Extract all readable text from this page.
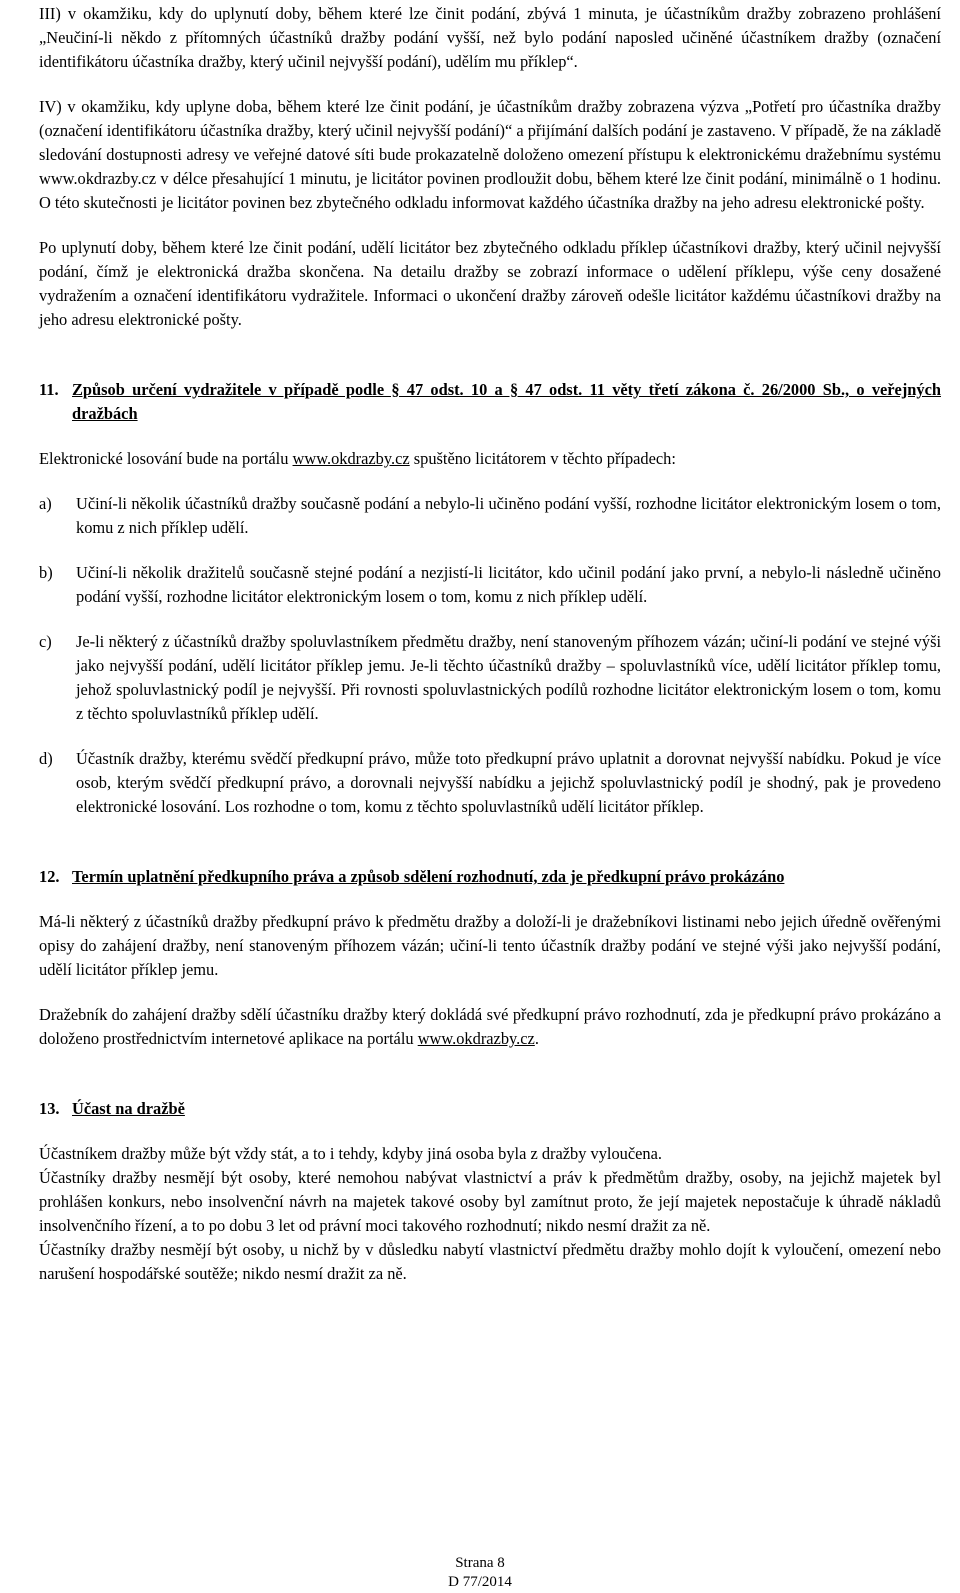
III) v okamžiku, kdy do uplynutí doby, během které lze činit podání, zbývá 1 minuta, je účastníkům dražby zobrazeno prohlášení „Neučiní-li někdo z přítomných účastníků dražby podání vyšší, než bylo podání naposled učiněné účastníkem dražby (označení identifikátoru účastníka dražby, který učinil nejvyšší podání), udělím mu příklep“.

IV) v okamžiku, kdy uplyne doba, během které lze činit podání, je účastníkům dražby zobrazena výzva „Potřetí pro účastníka dražby (označení identifikátoru účastníka dražby, který učinil nejvyšší podání)“ a přijímání dalších podání je zastaveno. V případě, že na základě sledování dostupnosti adresy ve veřejné datové síti bude prokazatelně doloženo omezení přístupu k elektronickému dražebnímu systému www.okdrazby.cz v délce přesahující 1 minutu, je licitátor povinen prodloužit dobu, během které lze činit podání, minimálně o 1 hodinu. O této skutečnosti je licitátor povinen bez zbytečného odkladu informovat každého účastníka dražby na jeho adresu elektronické pošty.

Po uplynutí doby, během které lze činit podání, udělí licitátor bez zbytečného odkladu příklep účastníkovi dražby, který učinil nejvyšší podání, čímž je elektronická dražba skončena. Na detailu dražby se zobrazí informace o udělení příklepu, výše ceny dosažené vydražením a označení identifikátoru vydražitele. Informaci o ukončení dražby zároveň odešle licitátor každému účastníkovi dražby na jeho adresu elektronické pošty.

11. Způsob určení vydražitele v případě podle § 47 odst. 10 a § 47 odst. 11 věty třetí zákona č. 26/2000 Sb., o veřejných dražbách

Elektronické losování bude na portálu www.okdrazby.cz spuštěno licitátorem v těchto případech:

a)	Učiní-li několik účastníků dražby současně podání a nebylo-li učiněno podání vyšší, rozhodne licitátor elektronickým losem o tom, komu z nich příklep udělí.
b)	Učiní-li několik dražitelů současně stejné podání a nezjistí-li licitátor, kdo učinil podání jako první, a nebylo-li následně učiněno podání vyšší, rozhodne licitátor elektronickým losem o tom, komu z nich příklep udělí.
c)	Je-li některý z účastníků dražby spoluvlastníkem předmětu dražby, není stanoveným příhozem vázán; učiní-li podání ve stejné výši jako nejvyšší podání, udělí licitátor příklep jemu. Je-li těchto účastníků dražby – spoluvlastníků více, udělí licitátor příklep tomu, jehož spoluvlastnický podíl je nejvyšší. Při rovnosti spoluvlastnických podílů rozhodne licitátor elektronickým losem o tom, komu z těchto spoluvlastníků příklep udělí.
d)	Účastník dražby, kterému svědčí předkupní právo, může toto předkupní právo uplatnit a dorovnat nejvyšší nabídku. Pokud je více osob, kterým svědčí předkupní právo, a dorovnali nejvyšší nabídku a jejichž spoluvlastnický podíl je shodný, pak je provedeno elektronické losování. Los rozhodne o tom, komu z těchto spoluvlastníků udělí licitátor příklep.
12. Termín uplatnění předkupního práva a způsob sdělení rozhodnutí, zda je předkupní právo prokázáno

Má-li některý z účastníků dražby předkupní právo k předmětu dražby a doloží-li je dražebníkovi listinami nebo jejich úředně ověřenými opisy do zahájení dražby, není stanoveným příhozem vázán; učiní-li tento účastník dražby podání ve stejné výši jako nejvyšší podání, udělí licitátor příklep jemu.

Dražebník do zahájení dražby sdělí účastníku dražby který dokládá své předkupní právo rozhodnutí, zda je předkupní právo prokázáno a doloženo prostřednictvím internetové aplikace na portálu www.okdrazby.cz.

13. Účast na dražbě

Účastníkem dražby může být vždy stát, a to i tehdy, kdyby jiná osoba byla z dražby vyloučena.

Účastníky dražby nesmějí být osoby, které nemohou nabývat vlastnictví a práv k předmětům dražby, osoby, na jejichž majetek byl prohlášen konkurs, nebo insolvenční návrh na majetek takové osoby byl zamítnut proto, že její majetek nepostačuje k úhradě nákladů insolvenčního řízení, a to po dobu 3 let od právní moci takového rozhodnutí; nikdo nesmí dražit za ně.

Účastníky dražby nesmějí být osoby, u nichž by v důsledku nabytí vlastnictví předmětu dražby mohlo dojít k vyloučení, omezení nebo narušení hospodářské soutěže; nikdo nesmí dražit za ně.

Strana 8
D 77/2014
